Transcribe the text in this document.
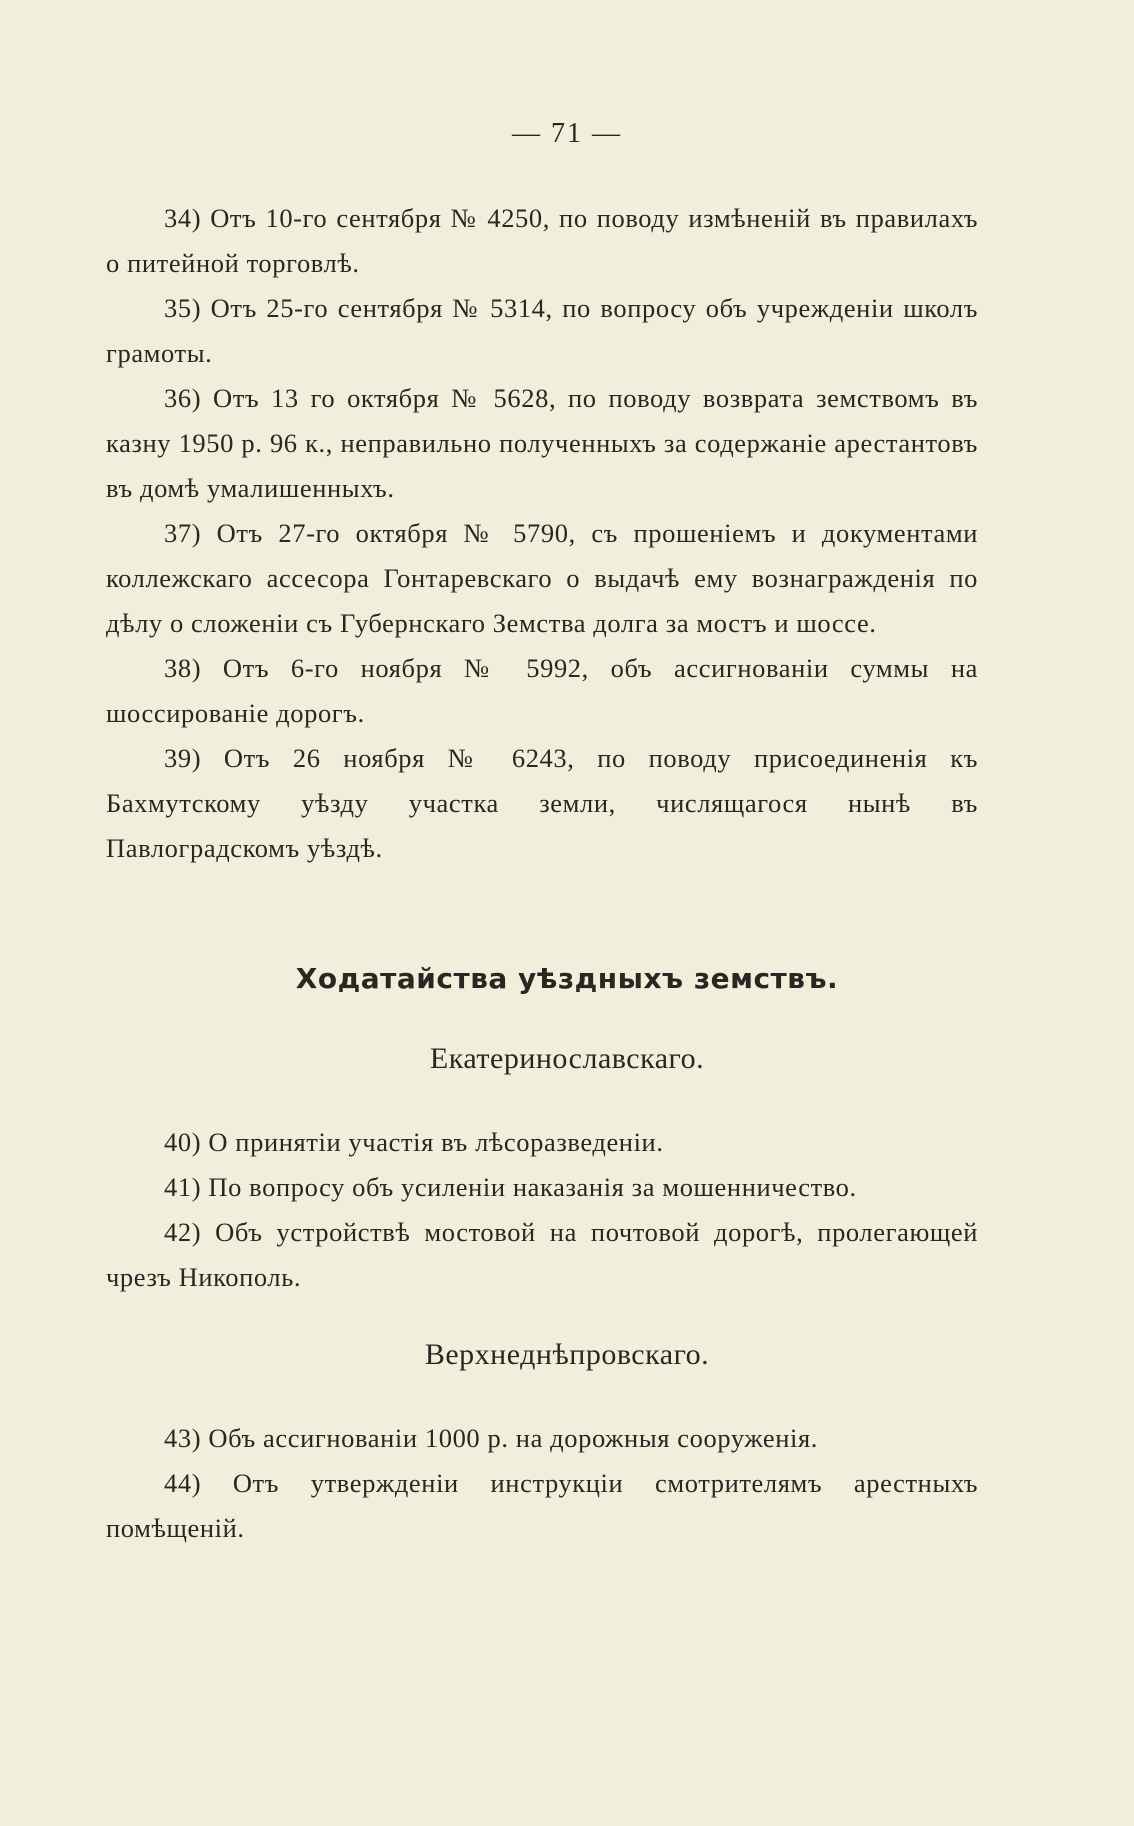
— 71 —

34) Отъ 10-го сентября № 4250, по поводу измѣненій въ правилахъ о питейной торговлѣ.

35) Отъ 25-го сентября № 5314, по вопросу объ учрежденіи школъ грамоты.

36) Отъ 13 го октября № 5628, по поводу возврата земствомъ въ казну 1950 р. 96 к., неправильно полученныхъ за содержаніе арестантовъ въ домѣ умалишенныхъ.

37) Отъ 27-го октября № 5790, съ прошеніемъ и документами коллежскаго ассесора Гонтаревскаго о выдачѣ ему вознагражденія по дѣлу о сложеніи съ Губернскаго Земства долга за мостъ и шоссе.

38) Отъ 6-го ноября № 5992, объ ассигнованіи суммы на шоссированіе дорогъ.

39) Отъ 26 ноября № 6243, по поводу присоединенія къ Бахмутскому уѣзду участка земли, числящагося нынѣ въ Павлоградскомъ уѣздѣ.

Ходатайства уѣздныхъ земствъ.
Екатеринославскаго.

40) О принятіи участія въ лѣсоразведеніи.

41) По вопросу объ усиленіи наказанія за мошенничество.

42) Объ устройствѣ мостовой на почтовой дорогѣ, пролегающей чрезъ Никополь.

Верхнеднѣпровскаго.

43) Объ ассигнованіи 1000 р. на дорожныя сооруженія.

44) Отъ утвержденіи инструкціи смотрителямъ арестныхъ помѣщеній.
